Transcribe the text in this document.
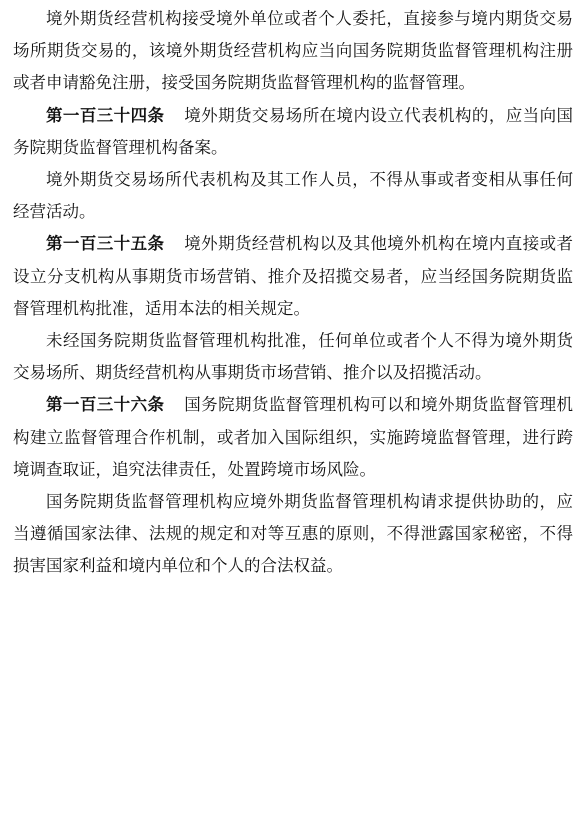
境外期货经营机构接受境外单位或者个人委托，直接参与境内期货交易场所期货交易的，该境外期货经营机构应当向国务院期货监督管理机构注册或者申请豁免注册，接受国务院期货监督管理机构的监督管理。

第一百三十四条 境外期货交易场所在境内设立代表机构的，应当向国务院期货监督管理机构备案。

境外期货交易场所代表机构及其工作人员，不得从事或者变相从事任何经营活动。

第一百三十五条 境外期货经营机构以及其他境外机构在境内直接或者设立分支机构从事期货市场营销、推介及招揽交易者，应当经国务院期货监督管理机构批准，适用本法的相关规定。

未经国务院期货监督管理机构批准，任何单位或者个人不得为境外期货交易场所、期货经营机构从事期货市场营销、推介以及招揽活动。

第一百三十六条 国务院期货监督管理机构可以和境外期货监督管理机构建立监督管理合作机制，或者加入国际组织，实施跨境监督管理，进行跨境调查取证，追究法律责任，处置跨境市场风险。

国务院期货监督管理机构应境外期货监督管理机构请求提供协助的，应当遵循国家法律、法规的规定和对等互惠的原则，不得泄露国家秘密，不得损害国家利益和境内单位和个人的合法权益。
